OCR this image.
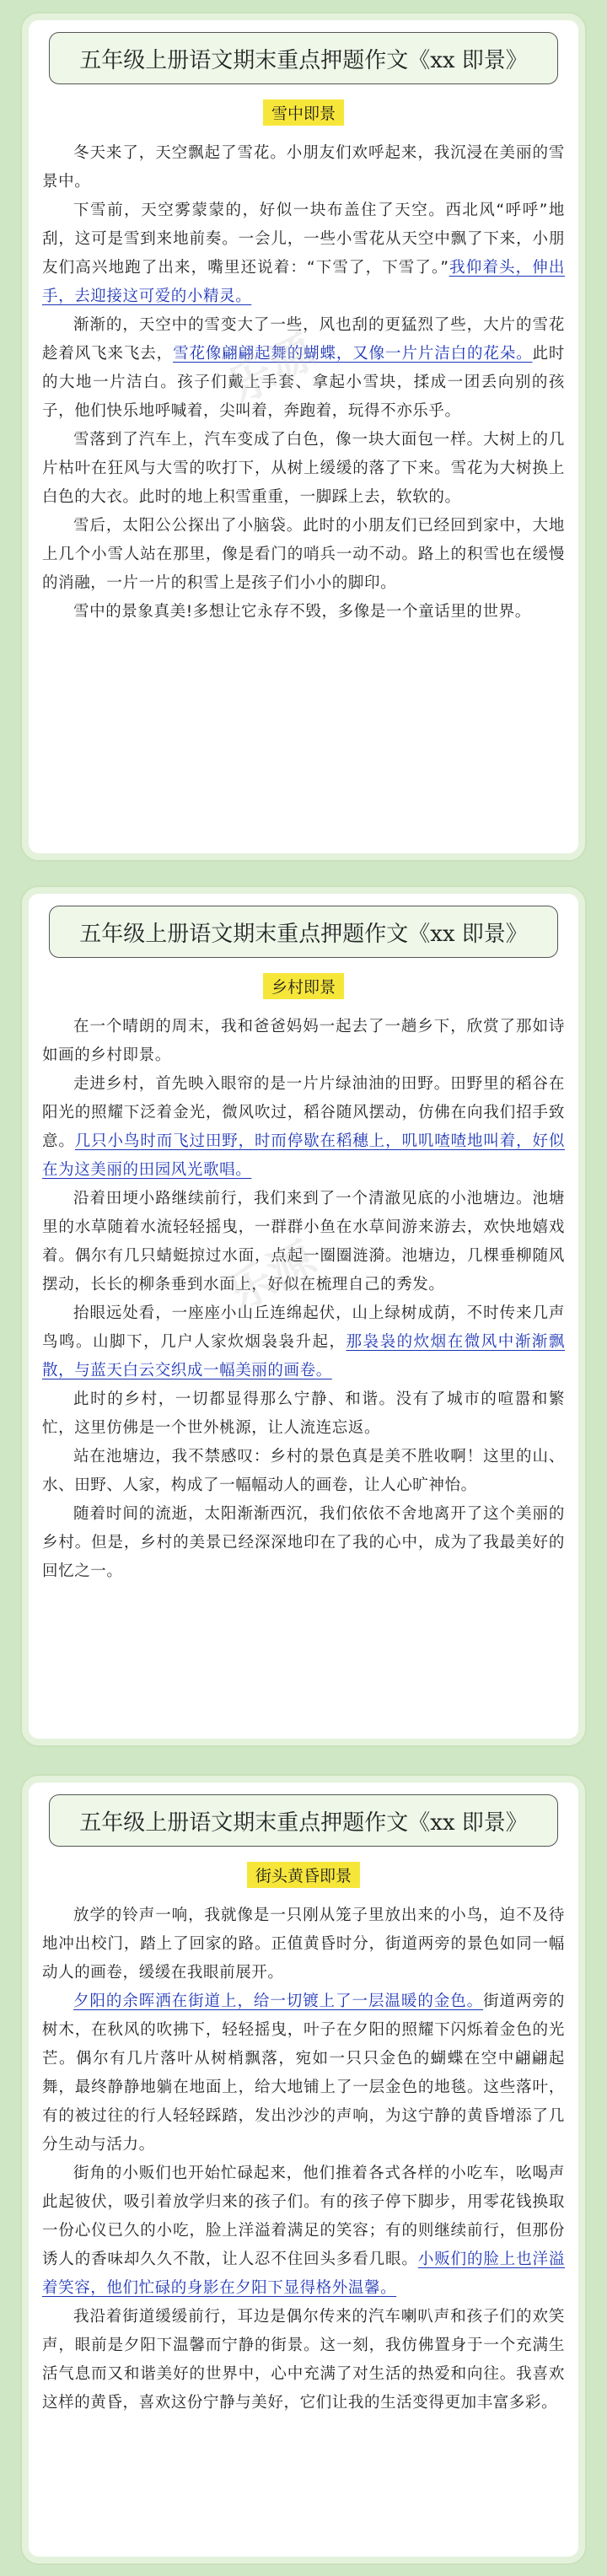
五年级上册语文期末重点押题作文《xx 即景》
雪中即景

冬天来了，天空飘起了雪花。小朋友们欢呼起来，我沉浸在美丽的雪景中。

下雪前，天空雾蒙蒙的，好似一块布盖住了天空。西北风“呼呼”地刮，这可是雪到来地前奏。一会儿，一些小雪花从天空中飘了下来，小朋友们高兴地跑了出来，嘴里还说着：“下雪了，下雪了。”我仰着头，伸出手，去迎接这可爱的小精灵。

渐渐的，天空中的雪变大了一些，风也刮的更猛烈了些，大片的雪花趁着风飞来飞去，雪花像翩翩起舞的蝴蝶，又像一片片洁白的花朵。此时的大地一片洁白。孩子们戴上手套、拿起小雪块，揉成一团丢向别的孩子，他们快乐地呼喊着，尖叫着，奔跑着，玩得不亦乐乎。

雪落到了汽车上，汽车变成了白色，像一块大面包一样。大树上的几片枯叶在狂风与大雪的吹打下，从树上缓缓的落了下来。雪花为大树换上白色的大衣。此时的地上积雪重重，一脚踩上去，软软的。

雪后，太阳公公探出了小脑袋。此时的小朋友们已经回到家中，大地上几个小雪人站在那里，像是看门的哨兵一动不动。路上的积雪也在缓慢的消融，一片一片的积雪上是孩子们小小的脚印。

雪中的景象真美!多想让它永存不毁，多像是一个童话里的世界。

乐源
五年级上册语文期末重点押题作文《xx 即景》
乡村即景

在一个晴朗的周末，我和爸爸妈妈一起去了一趟乡下，欣赏了那如诗如画的乡村即景。

走进乡村，首先映入眼帘的是一片片绿油油的田野。田野里的稻谷在阳光的照耀下泛着金光，微风吹过，稻谷随风摆动，仿佛在向我们招手致意。几只小鸟时而飞过田野，时而停歇在稻穗上，叽叽喳喳地叫着，好似在为这美丽的田园风光歌唱。

沿着田埂小路继续前行，我们来到了一个清澈见底的小池塘边。池塘里的水草随着水流轻轻摇曳，一群群小鱼在水草间游来游去，欢快地嬉戏着。偶尔有几只蜻蜓掠过水面，点起一圈圈涟漪。池塘边，几棵垂柳随风摆动，长长的柳条垂到水面上，好似在梳理自己的秀发。

抬眼远处看，一座座小山丘连绵起伏，山上绿树成荫，不时传来几声鸟鸣。山脚下，几户人家炊烟袅袅升起，那袅袅的炊烟在微风中渐渐飘散，与蓝天白云交织成一幅美丽的画卷。

此时的乡村，一切都显得那么宁静、和谐。没有了城市的喧嚣和繁忙，这里仿佛是一个世外桃源，让人流连忘返。

站在池塘边，我不禁感叹：乡村的景色真是美不胜收啊！这里的山、水、田野、人家，构成了一幅幅动人的画卷，让人心旷神怡。

随着时间的流逝，太阳渐渐西沉，我们依依不舍地离开了这个美丽的乡村。但是，乡村的美景已经深深地印在了我的心中，成为了我最美好的回忆之一。

乐源
五年级上册语文期末重点押题作文《xx 即景》
街头黄昏即景

放学的铃声一响，我就像是一只刚从笼子里放出来的小鸟，迫不及待地冲出校门，踏上了回家的路。正值黄昏时分，街道两旁的景色如同一幅动人的画卷，缓缓在我眼前展开。

夕阳的余晖洒在街道上，给一切镀上了一层温暖的金色。街道两旁的树木，在秋风的吹拂下，轻轻摇曳，叶子在夕阳的照耀下闪烁着金色的光芒。偶尔有几片落叶从树梢飘落，宛如一只只金色的蝴蝶在空中翩翩起舞，最终静静地躺在地面上，给大地铺上了一层金色的地毯。这些落叶，有的被过往的行人轻轻踩踏，发出沙沙的声响，为这宁静的黄昏增添了几分生动与活力。

街角的小贩们也开始忙碌起来，他们推着各式各样的小吃车，吆喝声此起彼伏，吸引着放学归来的孩子们。有的孩子停下脚步，用零花钱换取一份心仪已久的小吃，脸上洋溢着满足的笑容；有的则继续前行，但那份诱人的香味却久久不散，让人忍不住回头多看几眼。小贩们的脸上也洋溢着笑容，他们忙碌的身影在夕阳下显得格外温馨。

我沿着街道缓缓前行，耳边是偶尔传来的汽车喇叭声和孩子们的欢笑声，眼前是夕阳下温馨而宁静的街景。这一刻，我仿佛置身于一个充满生活气息而又和谐美好的世界中，心中充满了对生活的热爱和向往。我喜欢这样的黄昏，喜欢这份宁静与美好，它们让我的生活变得更加丰富多彩。
